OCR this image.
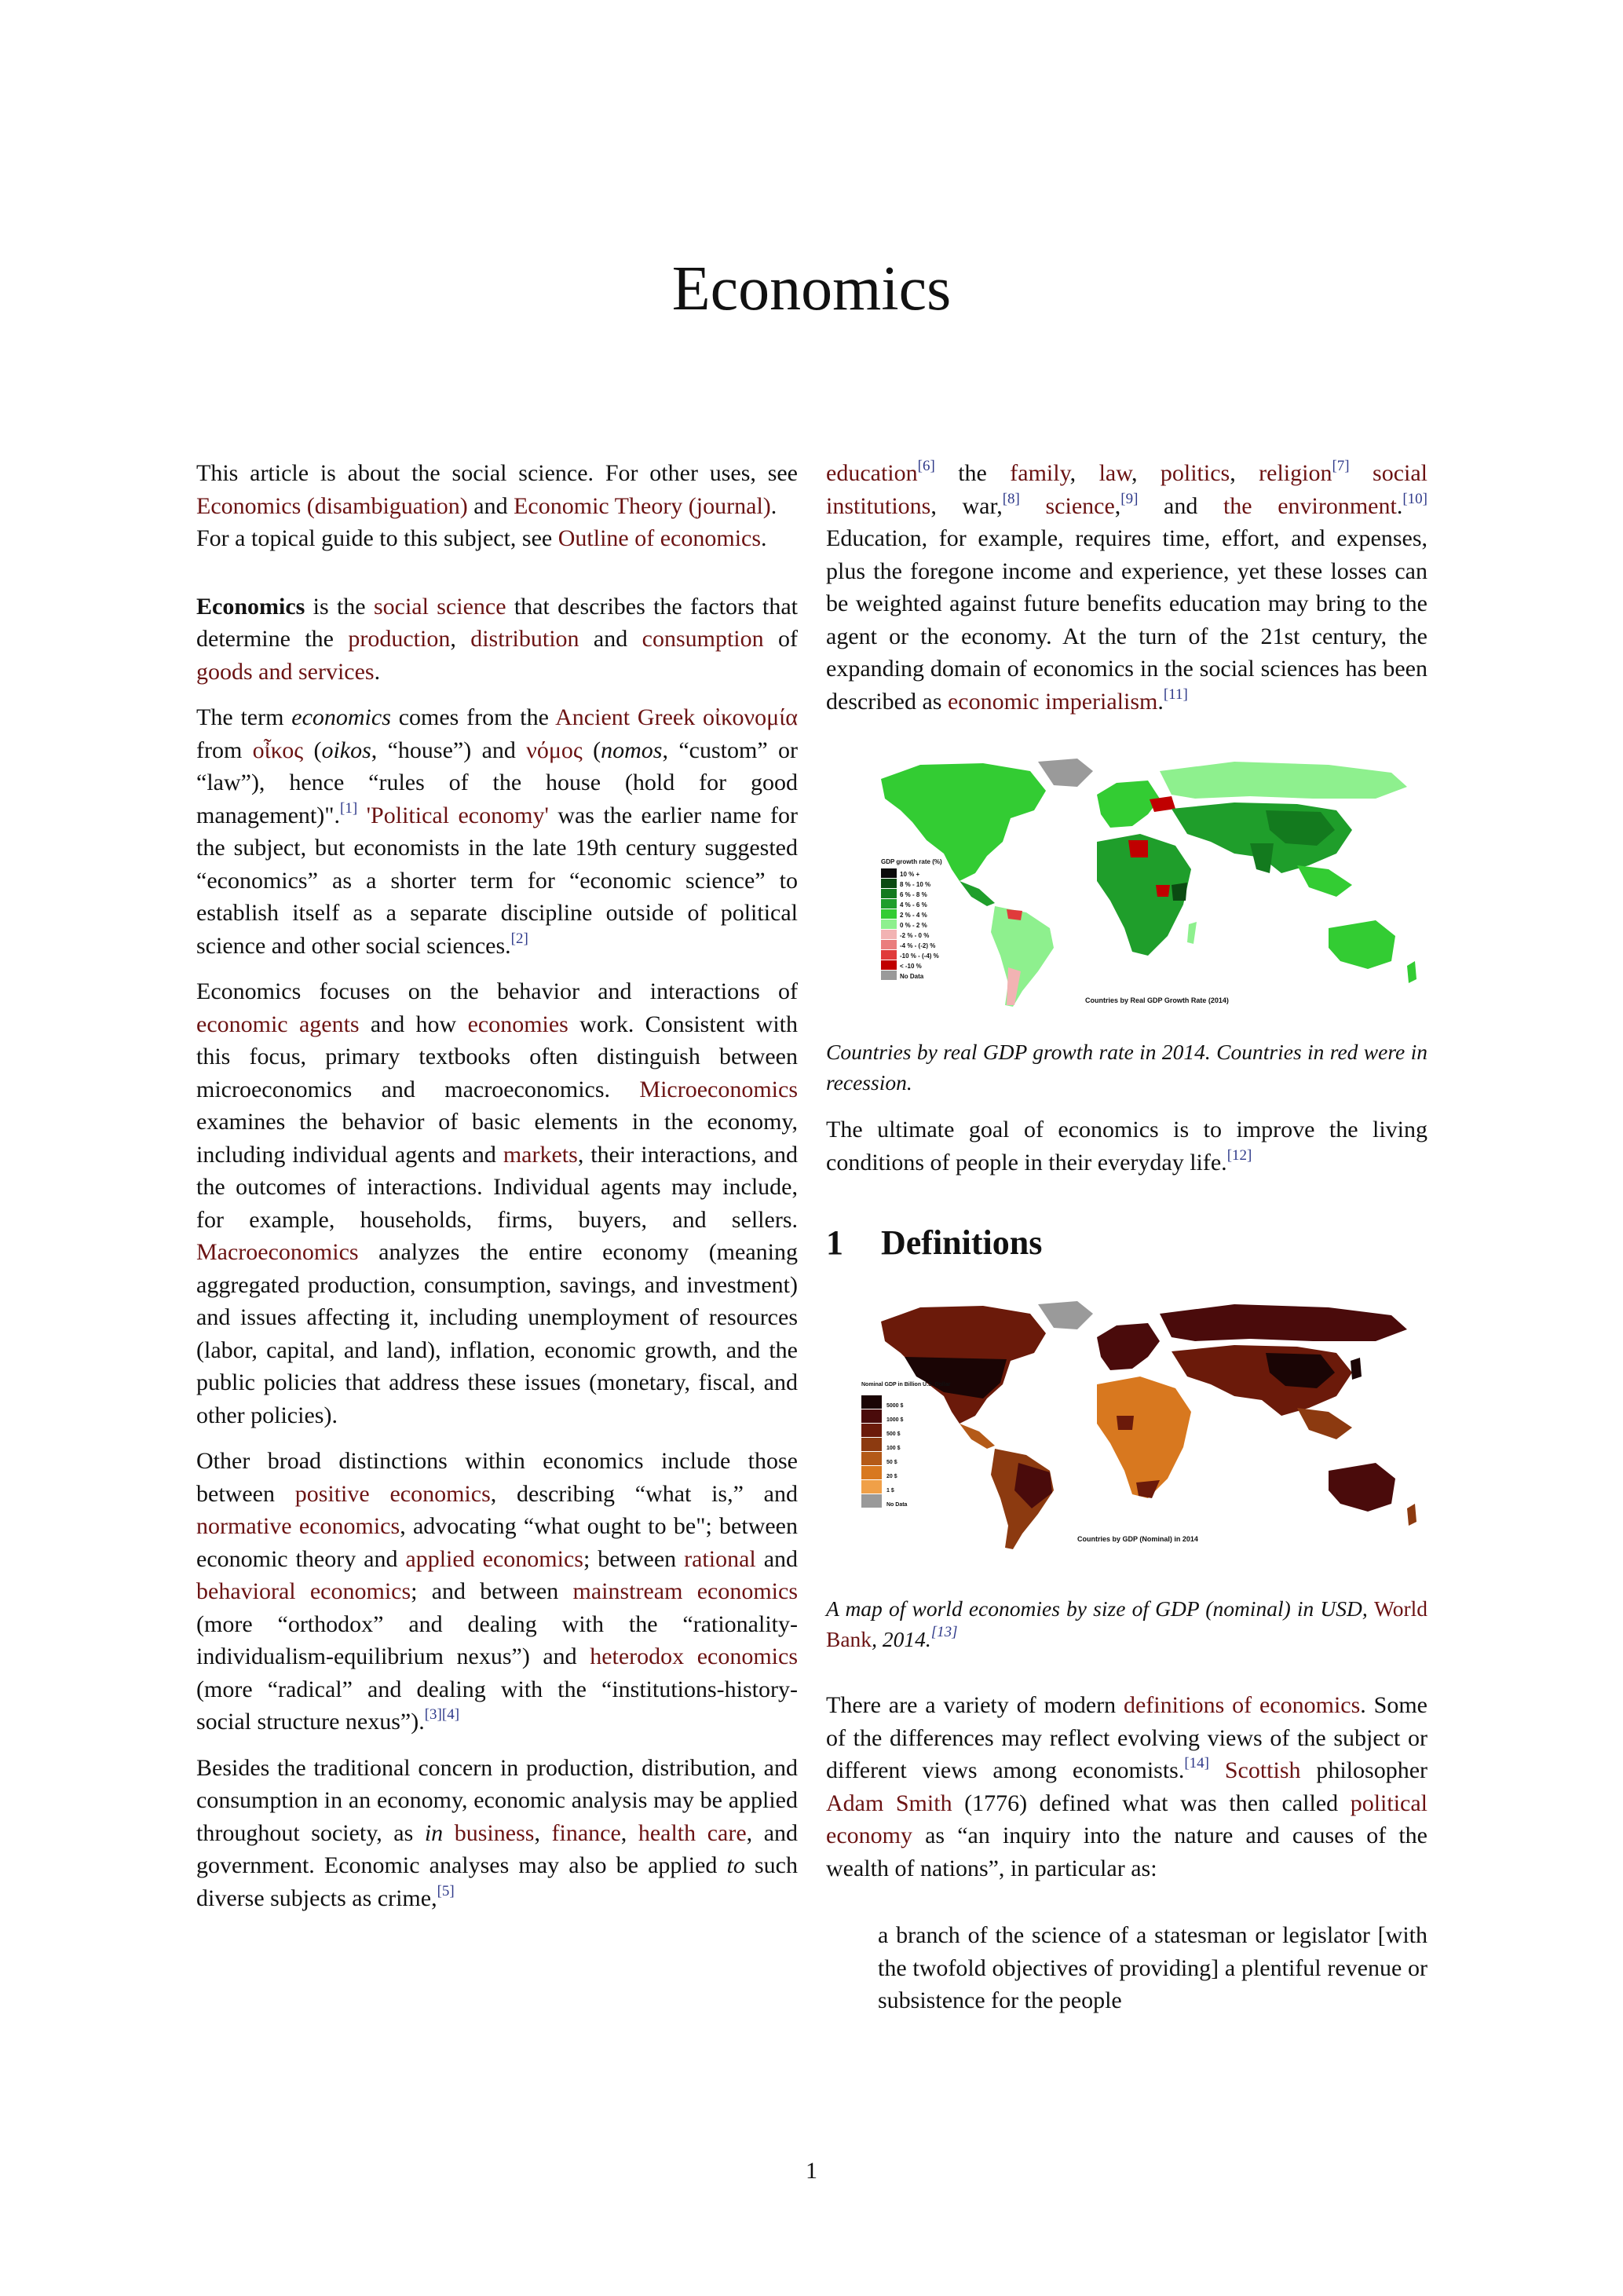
Economics

This article is about the social science. For other uses, see Economics (disambiguation) and Economic Theory (journal).
For a topical guide to this subject, see Outline of economics.

Economics is the social science that describes the factors that determine the production, distribution and consumption of goods and services.

The term economics comes from the Ancient Greek οἰκονομία from οἶκος (oikos, “house”) and νόμος (nomos, “custom” or “law”), hence “rules of the house (hold for good management)".[1] 'Political economy' was the earlier name for the subject, but economists in the late 19th century suggested “economics” as a shorter term for “economic science” to establish itself as a separate discipline outside of political science and other social sciences.[2]

Economics focuses on the behavior and interactions of economic agents and how economies work. Consistent with this focus, primary textbooks often distinguish between microeconomics and macroeconomics. Microeconomics examines the behavior of basic elements in the economy, including individual agents and markets, their interactions, and the outcomes of interactions. Individual agents may include, for example, households, firms, buyers, and sellers. Macroeconomics analyzes the entire economy (meaning aggregated production, consumption, savings, and investment) and issues affecting it, including unemployment of resources (labor, capital, and land), inflation, economic growth, and the public policies that address these issues (monetary, fiscal, and other policies).

Other broad distinctions within economics include those between positive economics, describing “what is,” and normative economics, advocating “what ought to be"; between economic theory and applied economics; between rational and behavioral economics; and between mainstream economics (more “orthodox” and dealing with the “rationality-individualism-equilibrium nexus”) and heterodox economics (more “radical” and dealing with the “institutions-history-social structure nexus”).[3][4]

Besides the traditional concern in production, distribution, and consumption in an economy, economic analysis may be applied throughout society, as in business, finance, health care, and government. Economic analyses may also be applied to such diverse subjects as crime,[5]

education[6] the family, law, politics, religion[7] social institutions, war,[8] science,[9] and the environment.[10] Education, for example, requires time, effort, and expenses, plus the foregone income and experience, yet these losses can be weighted against future benefits education may bring to the agent or the economy. At the turn of the 21st century, the expanding domain of economics in the social sciences has been described as economic imperialism.[11]

GDP growth rate (%)
10 % +
8 % - 10 %
6 % - 8 %
4 % - 6 %
2 % - 4 %
0 % - 2 %
-2 % - 0 %
-4 % - (-2) %
-10 % - (-4) %
< -10 %
No Data
Countries by Real GDP Growth Rate (2014)
Countries by real GDP growth rate in 2014. Countries in red were in recession.

The ultimate goal of economics is to improve the living conditions of people in their everyday life.[12]

1 Definitions
Nominal GDP in Billion U.S. Dollar
5000 $
1000 $
500 $
100 $
50 $
20 $
1 $
No Data
Countries by GDP (Nominal) in 2014
A map of world economies by size of GDP (nominal) in USD, World Bank, 2014.[13]

There are a variety of modern definitions of economics. Some of the differences may reflect evolving views of the subject or different views among economists.[14] Scottish philosopher Adam Smith (1776) defined what was then called political economy as “an inquiry into the nature and causes of the wealth of nations”, in particular as:

a branch of the science of a statesman or legislator [with the twofold objectives of providing] a plentiful revenue or subsistence for the people
1
